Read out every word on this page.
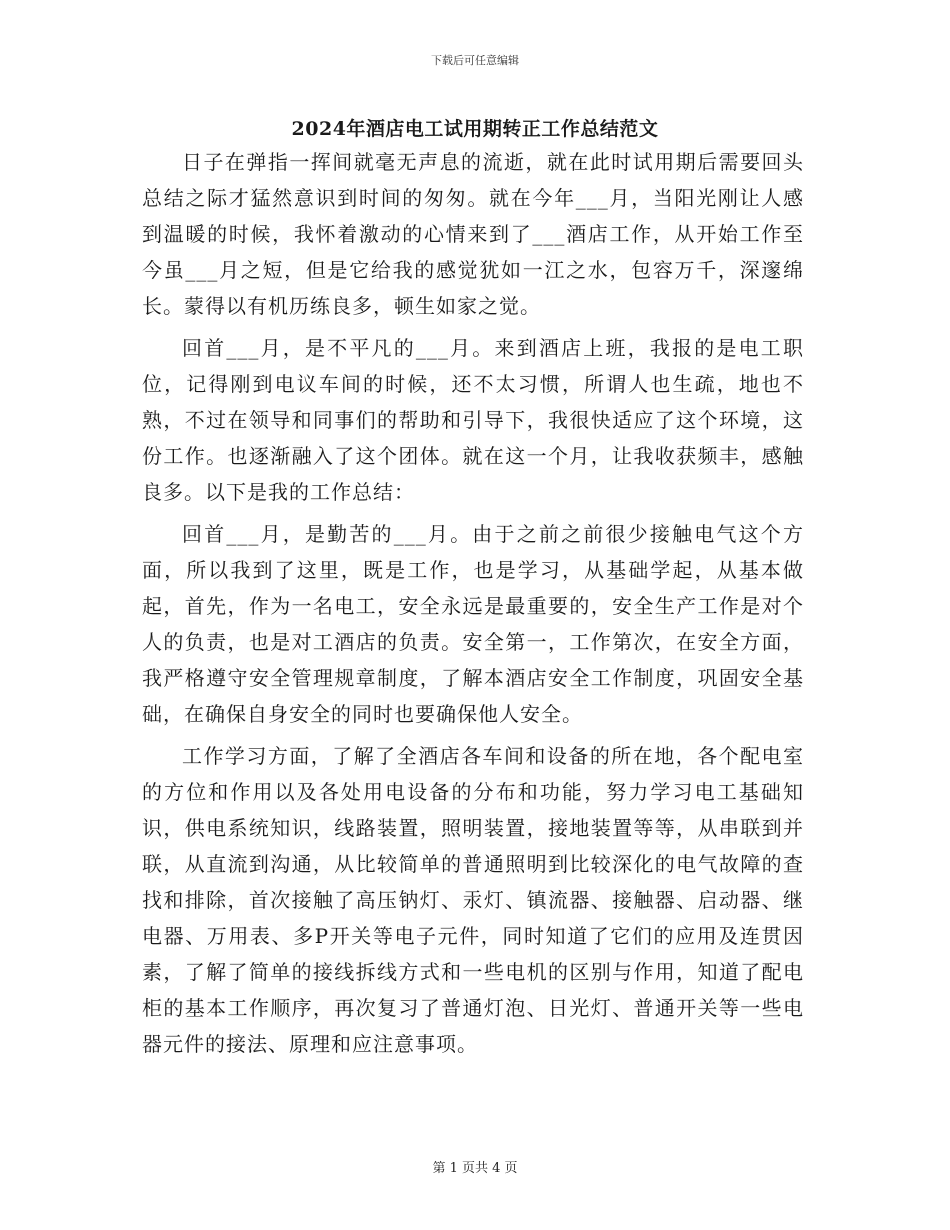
下载后可任意编辑
2024年酒店电工试用期转正工作总结范文

日子在弹指一挥间就毫无声息的流逝，就在此时试用期后需要回头总结之际才猛然意识到时间的匆匆。就在今年___月，当阳光刚让人感到温暖的时候，我怀着激动的心情来到了___酒店工作，从开始工作至今虽___月之短，但是它给我的感觉犹如一江之水，包容万千，深邃绵长。蒙得以有机历练良多，顿生如家之觉。

回首___月，是不平凡的___月。来到酒店上班，我报的是电工职位，记得刚到电议车间的时候，还不太习惯，所谓人也生疏，地也不熟，不过在领导和同事们的帮助和引导下，我很快适应了这个环境，这份工作。也逐渐融入了这个团体。就在这一个月，让我收获频丰，感触良多。以下是我的工作总结：

回首___月，是勤苦的___月。由于之前之前很少接触电气这个方面，所以我到了这里，既是工作，也是学习，从基础学起，从基本做起，首先，作为一名电工，安全永远是最重要的，安全生产工作是对个人的负责，也是对工酒店的负责。安全第一，工作第次，在安全方面，我严格遵守安全管理规章制度，了解本酒店安全工作制度，巩固安全基础，在确保自身安全的同时也要确保他人安全。

工作学习方面，了解了全酒店各车间和设备的所在地，各个配电室的方位和作用以及各处用电设备的分布和功能，努力学习电工基础知识，供电系统知识，线路装置，照明装置，接地装置等等，从串联到并联，从直流到沟通，从比较简单的普通照明到比较深化的电气故障的查找和排除，首次接触了高压钠灯、汞灯、镇流器、接触器、启动器、继电器、万用表、多P开关等电子元件，同时知道了它们的应用及连贯因素，了解了简单的接线拆线方式和一些电机的区别与作用，知道了配电柜的基本工作顺序，再次复习了普通灯泡、日光灯、普通开关等一些电器元件的接法、原理和应注意事项。

第 1 页共 4 页
